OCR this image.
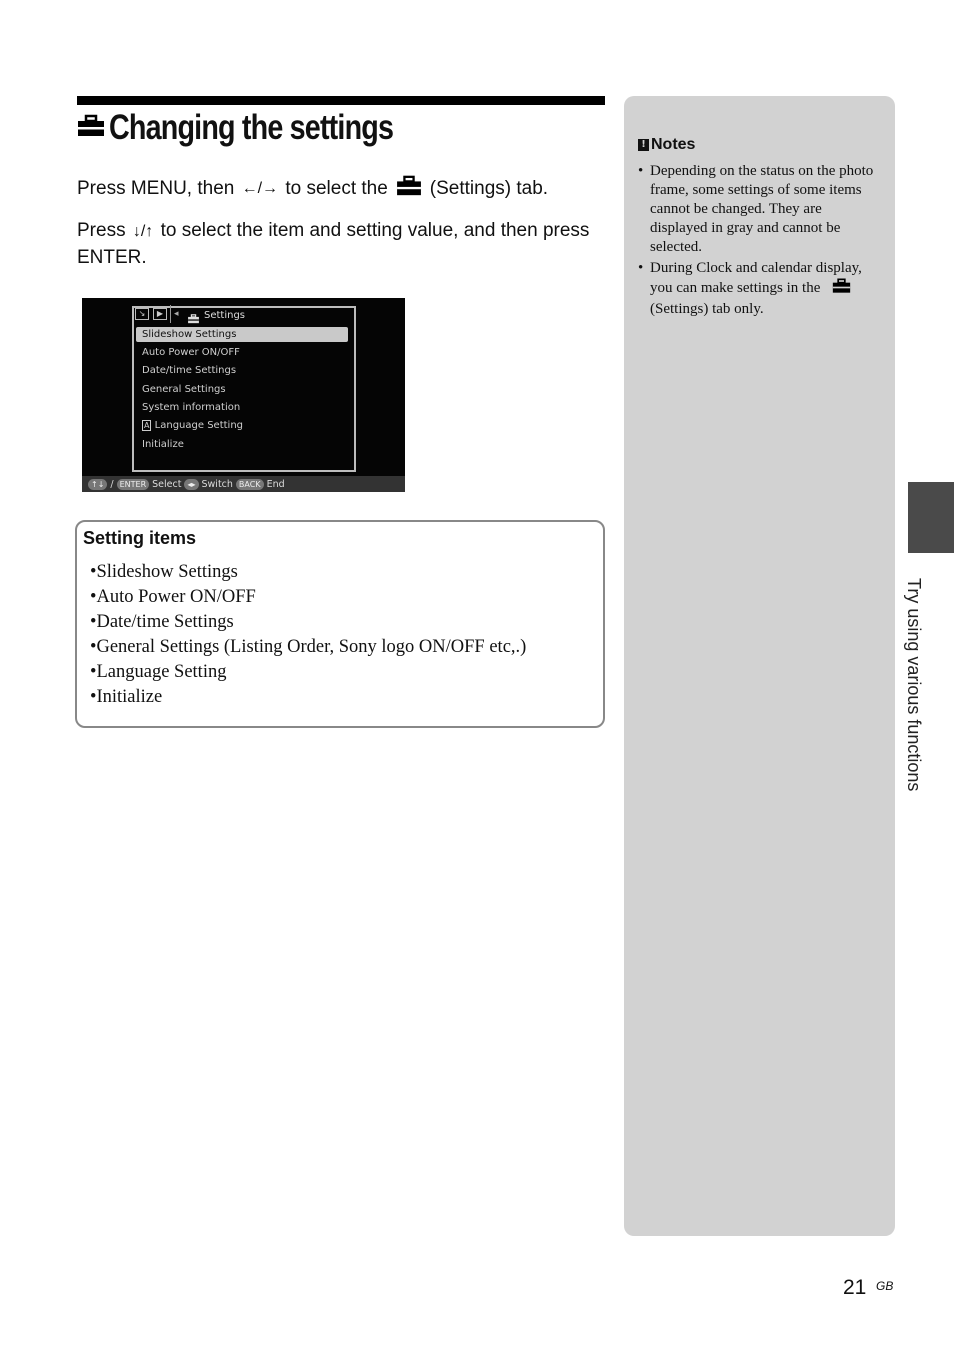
Changing the settings
Press MENU, then
←/→
to select the (Settings) tab.
Press ↓/↑ to select the item and setting value, and then press ENTER.
↘	▶	◂	Settings
Slideshow Settings
Auto Power ON/OFF
Date/time Settings
General Settings
System information
A Language Setting
Initialize
↑↓ / ENTER Select ◂▸ Switch BACK End
Setting items
•Slideshow Settings
•Auto Power ON/OFF
•Date/time Settings
•General Settings (Listing Order, Sony logo ON/OFF etc,.)
•Language Setting
•Initialize
! Notes
• Depending on the status on the photo frame, some settings of some items cannot be changed. They are displayed in gray and cannot be selected.
• During Clock and calendar display, you can make settings in the  (Settings) tab only.
Try using various functions
21 GB
